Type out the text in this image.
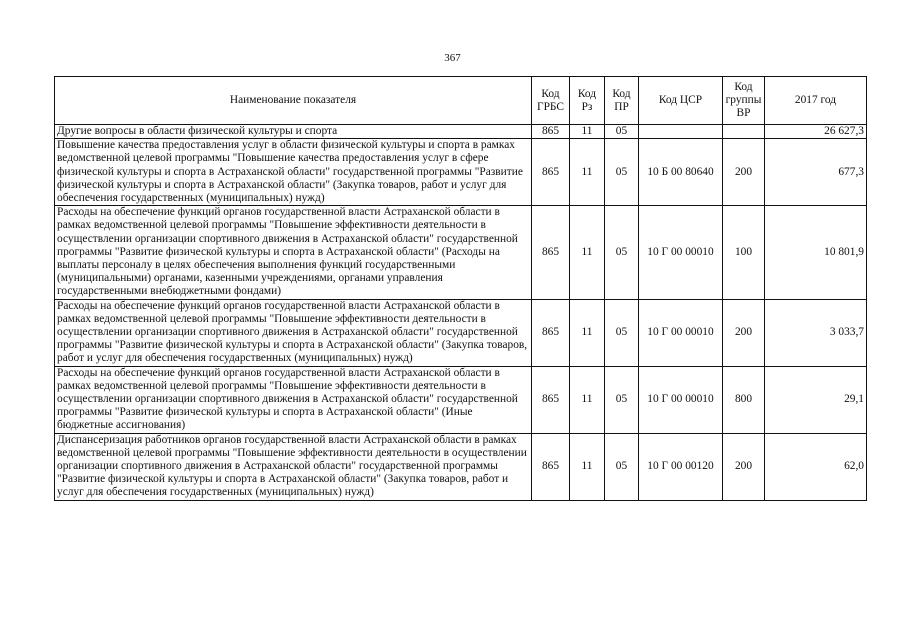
367
Наименование показателя	Код ГРБС	Код Рз	Код ПР	Код ЦСР	Код группы ВР	2017 год
Другие вопросы в области физической культуры и спорта	865	11	05			26 627,3
Повышение качества предоставления услуг в области физической культуры и спорта в рамках ведомственной целевой программы "Повышение качества предоставления услуг в сфере физической культуры и спорта в Астраханской области" государственной программы "Развитие физической культуры и спорта в Астраханской области" (Закупка товаров, работ и услуг для обеспечения государственных (муниципальных) нужд)	865	11	05	10 Б 00 80640	200	677,3
Расходы на обеспечение функций органов государственной власти Астраханской области в рамках ведомственной целевой программы "Повышение эффективности деятельности в осуществлении организации спортивного движения в Астраханской области" государственной программы "Развитие физической культуры и спорта в Астраханской области" (Расходы на выплаты персоналу в целях обеспечения выполнения функций государственными (муниципальными) органами, казенными учреждениями, органами управления государственными внебюджетными фондами)	865	11	05	10 Г 00 00010	100	10 801,9
Расходы на обеспечение функций органов государственной власти Астраханской области в рамках ведомственной целевой программы "Повышение эффективности деятельности в осуществлении организации спортивного движения в Астраханской области" государственной программы "Развитие физической культуры и спорта в Астраханской области" (Закупка товаров, работ и услуг для обеспечения государственных (муниципальных) нужд)	865	11	05	10 Г 00 00010	200	3 033,7
Расходы на обеспечение функций органов государственной власти Астраханской области в рамках ведомственной целевой программы "Повышение эффективности деятельности в осуществлении организации спортивного движения в Астраханской области" государственной программы "Развитие физической культуры и спорта в Астраханской области" (Иные бюджетные ассигнования)	865	11	05	10 Г 00 00010	800	29,1
Диспансеризация работников органов государственной власти Астраханской области в рамках ведомственной целевой программы "Повышение эффективности деятельности в осуществлении организации спортивного движения в Астраханской области" государственной программы "Развитие физической культуры и спорта в Астраханской области" (Закупка товаров, работ и услуг для обеспечения государственных (муниципальных) нужд)	865	11	05	10 Г 00 00120	200	62,0
